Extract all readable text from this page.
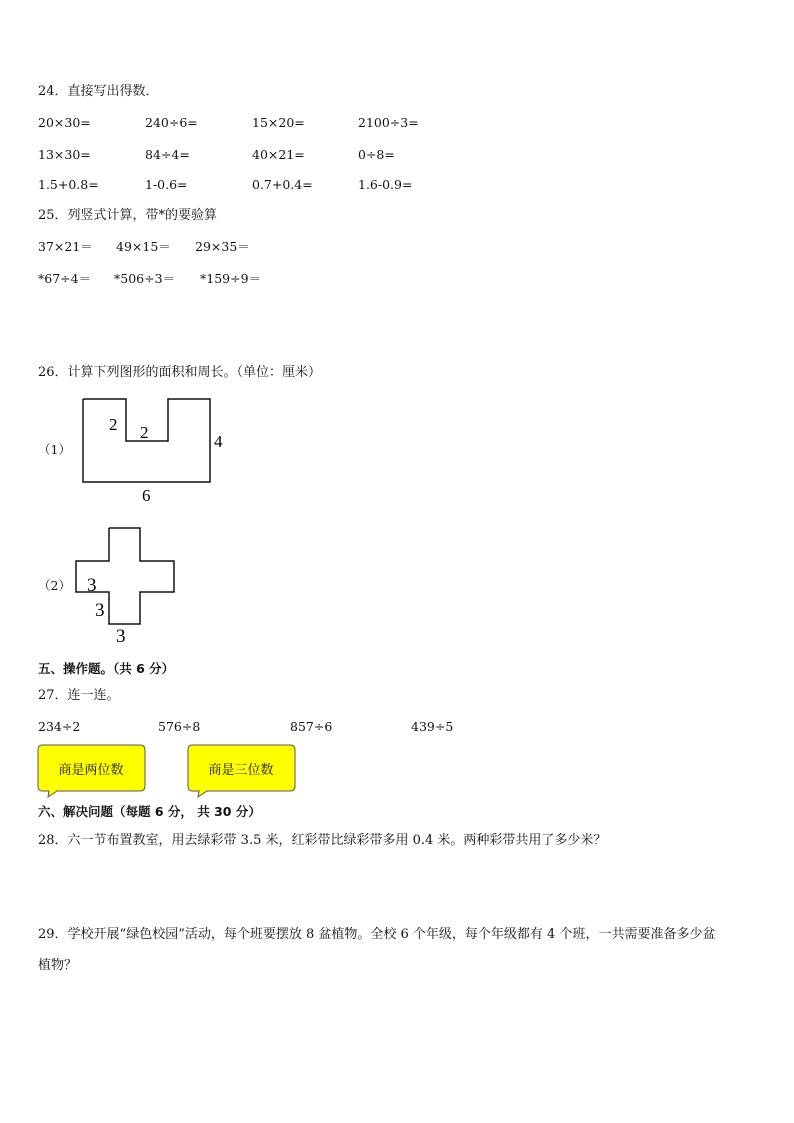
24．直接写出得数．
20×30=	240÷6=	15×20=	2100÷3=
13×30=	84÷4=	40×21=	0÷8=
1.5+0.8=	1-0.6=	0.7+0.4=	1.6-0.9=
25．列竖式计算，带*的要验算
37×21＝ 49×15＝ 29×35＝
*67÷4＝ *506÷3＝ *159÷9＝
26．计算下列图形的面积和周长。（单位：厘米）
（1）
2 2	4
6
（2） 3
3
3
五、操作题。（共 6 分）
27．连一连。
234÷2	576÷8	857÷6	439÷5
商是两位数	商是三位数
六、解决问题（每题 6 分， 共 30 分）
28．六一节布置教室，用去绿彩带 3.5 米，红彩带比绿彩带多用 0.4 米。两种彩带共用了多少米？
29．学校开展“绿色校园”活动，每个班要摆放 8 盆植物。全校 6 个年级，每个年级都有 4 个班，一共需要准备多少盆
植物？
